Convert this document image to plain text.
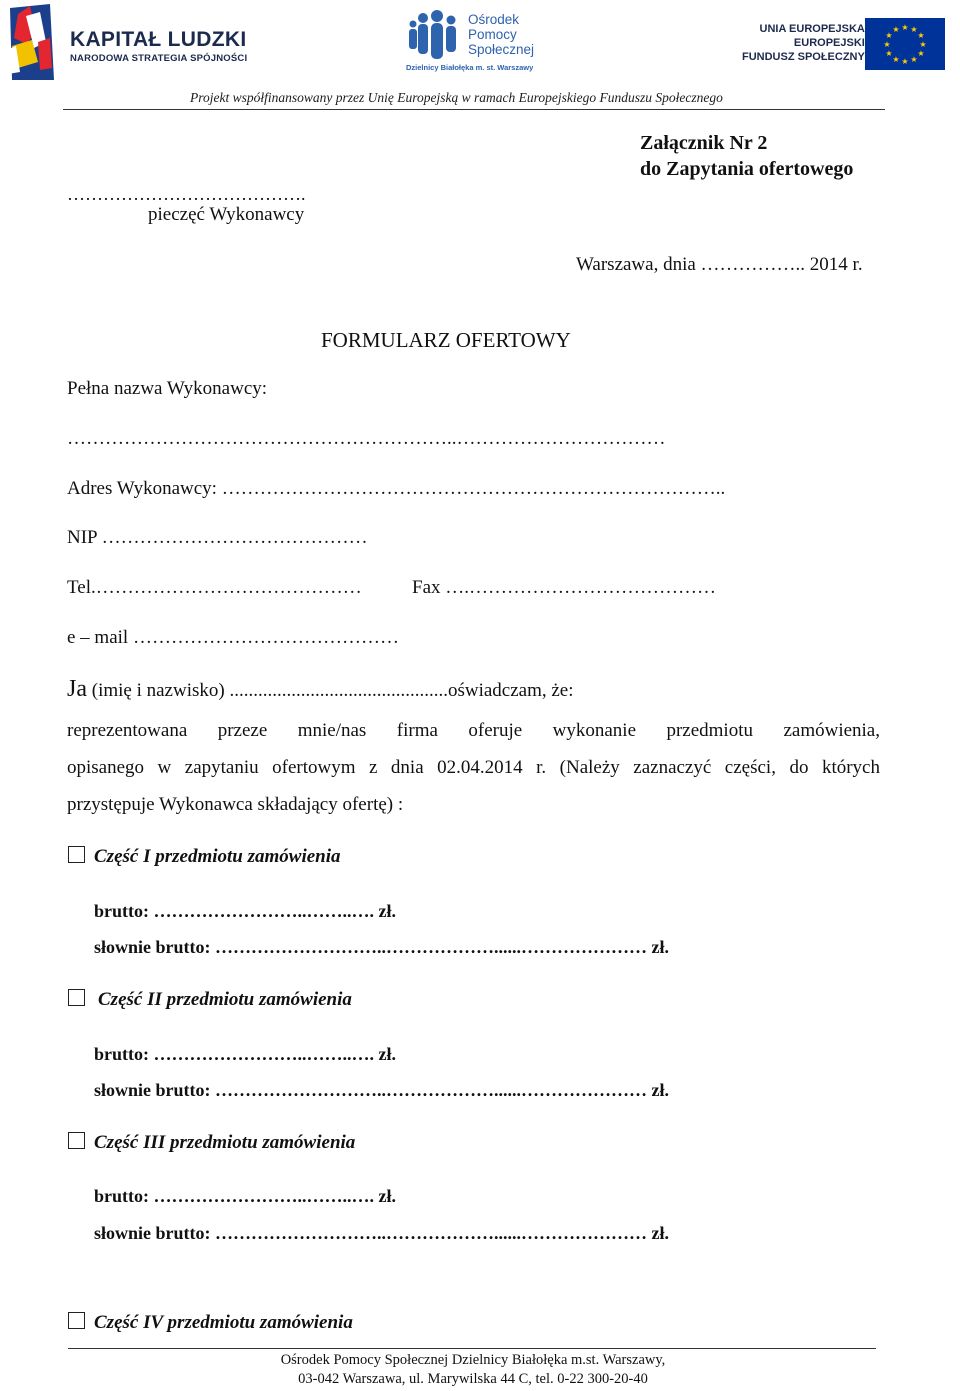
KAPITAŁ LUDZKI
NARODOWA STRATEGIA SPÓJNOŚCI
Ośrodek
Pomocy
Społecznej
Dzielnicy Białołęka m. st. Warszawy
UNIA EUROPEJSKA
EUROPEJSKI
FUNDUSZ SPOŁECZNY
★ ★
★
★
★
★
★
★
★
★
★
★
Projekt współfinansowany przez Unię Europejską w ramach Europejskiego Funduszu Społecznego
Załącznik Nr 2
do Zapytania ofertowego
………………………………….
pieczęć Wykonawcy
Warszawa, dnia …………….. 2014 r.
FORMULARZ OFERTOWY
Pełna nazwa Wykonawcy:
……………………………………………………..……………………………
Adres Wykonawcy: ……………………………………………………………………..
NIP ……………………………………
Tel.……………………………………	Fax ….…………………………………
e – mail ……………………………………
Ja (imię i nazwisko) ..............................................oświadczam, że:
reprezentowana przeze mnie/nas firma oferuje wykonanie przedmiotu zamówienia,
opisanego w zapytaniu ofertowym z dnia 02.04.2014 r. (Należy zaznaczyć części, do których
przystępuje Wykonawca składający ofertę) :
Część I przedmiotu zamówienia
brutto: ……………………..……..…. zł.
słownie brutto: ………………………..………………......………………… zł.
Część II przedmiotu zamówienia
brutto: ……………………..……..…. zł.
słownie brutto: ………………………..………………......………………… zł.
Część III przedmiotu zamówienia
brutto: ……………………..……..…. zł.
słownie brutto: ………………………..………………......………………… zł.
Część IV przedmiotu zamówienia
Ośrodek Pomocy Społecznej Dzielnicy Białołęka m.st. Warszawy,
03-042 Warszawa, ul. Marywilska 44 C, tel. 0-22 300-20-40
